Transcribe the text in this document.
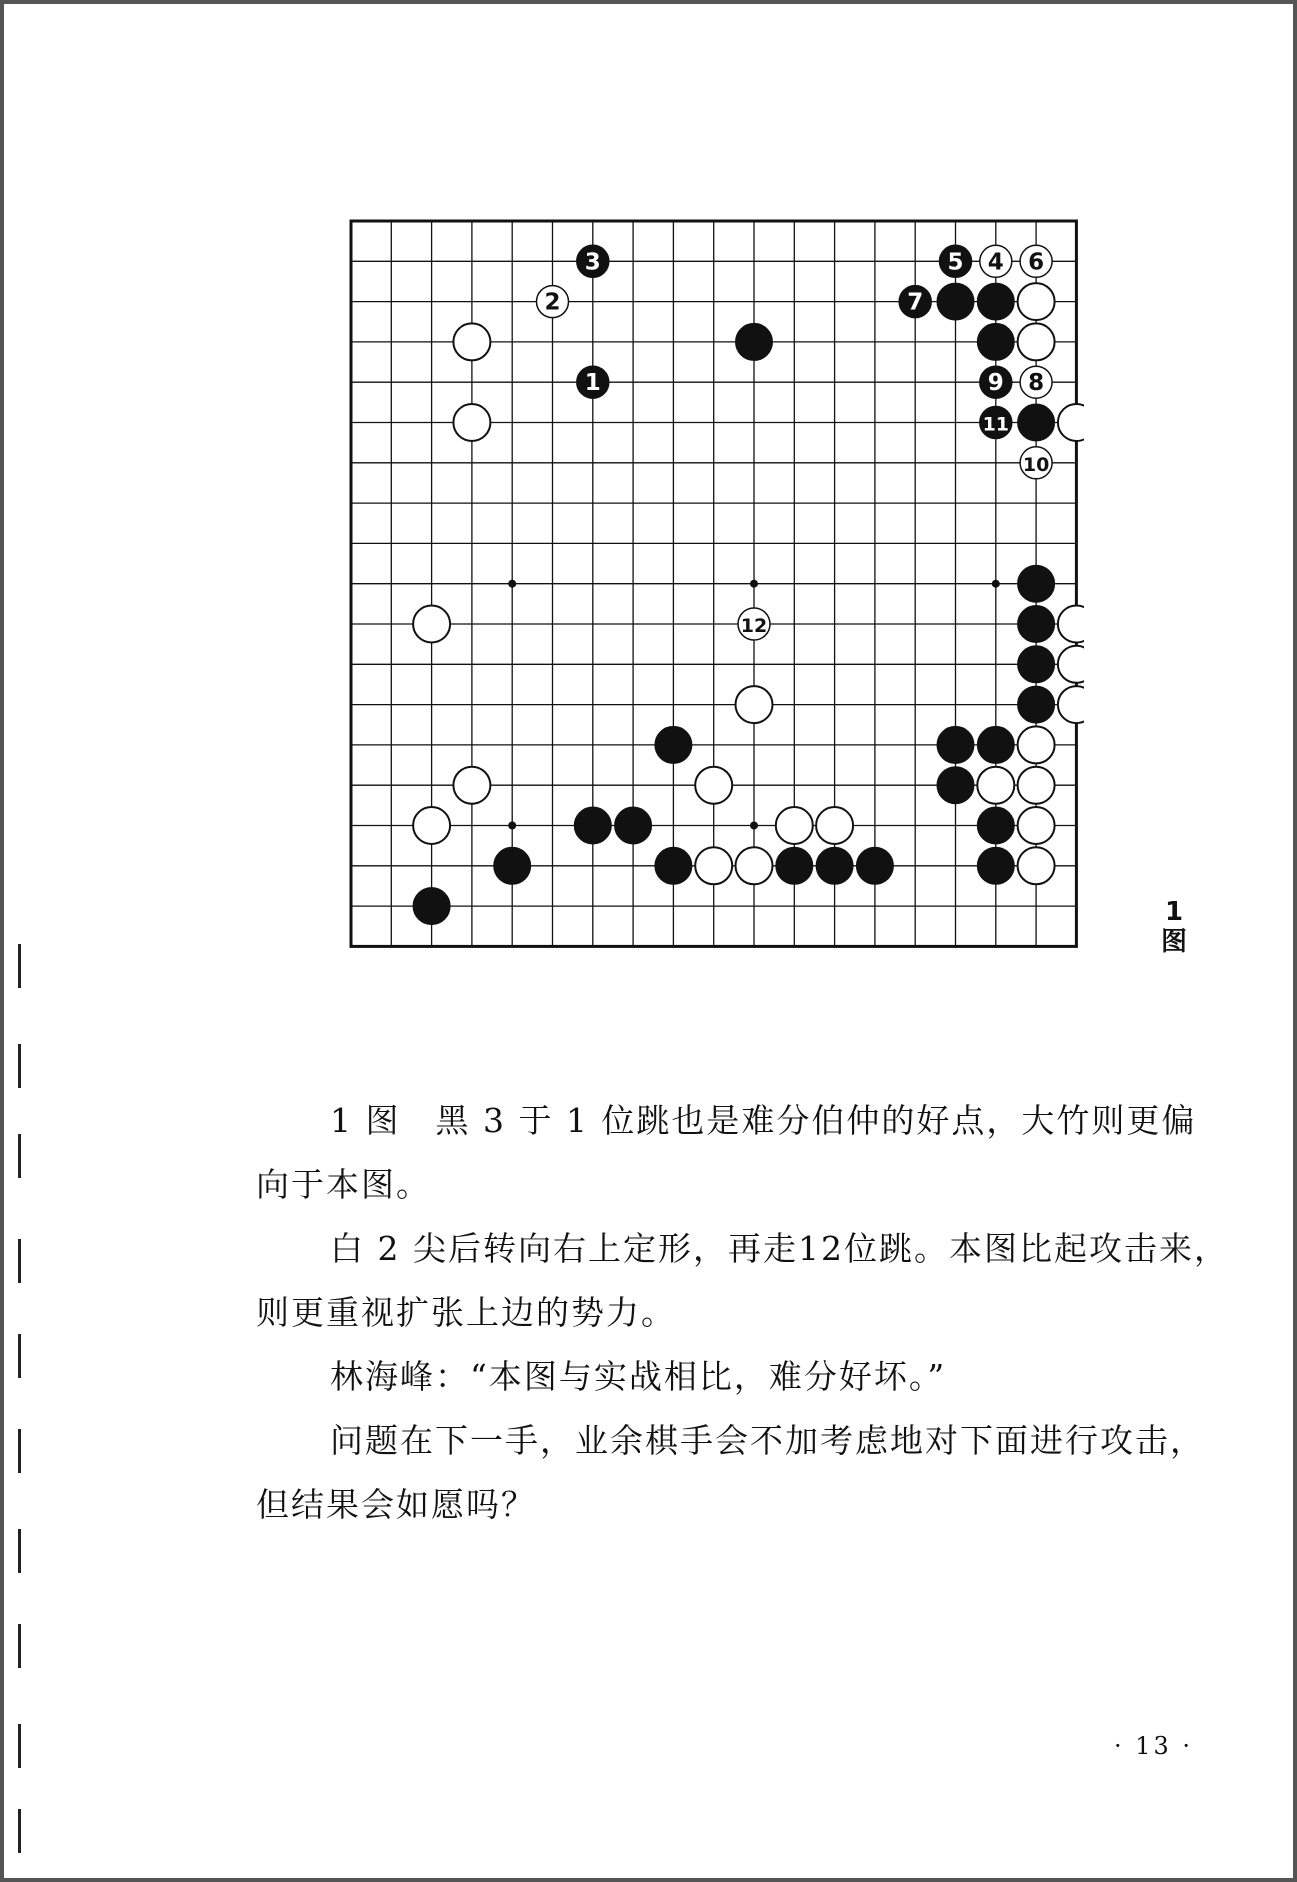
1
2
3	4
5	6
7
8
9
10
11
12
1
图

1 图　黑 3 于 1 位跳也是难分伯仲的好点，大竹则更偏向于本图。

白 2 尖后转向右上定形，再走12位跳。本图比起攻击来，则更重视扩张上边的势力。

林海峰：“本图与实战相比，难分好坏。”

问题在下一手，业余棋手会不加考虑地对下面进行攻击，但结果会如愿吗？

· 13 ·
